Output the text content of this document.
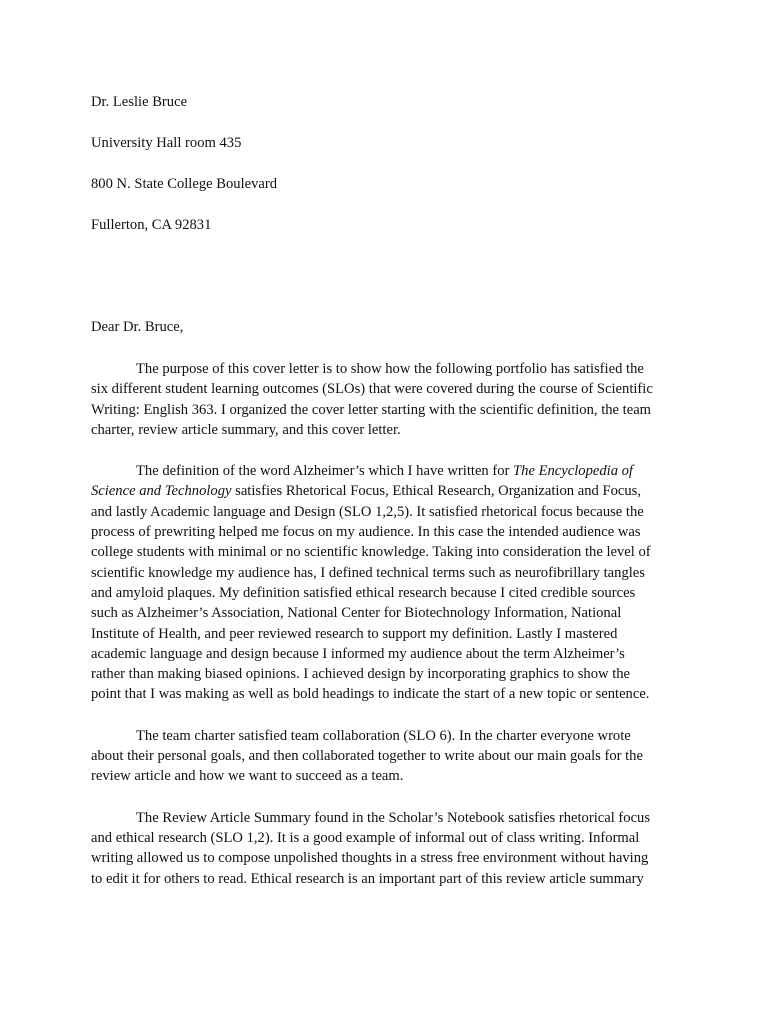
Dr. Leslie Bruce
University Hall room 435
800 N. State College Boulevard
Fullerton, CA 92831
Dear Dr. Bruce,

The purpose of this cover letter is to show how the following portfolio has satisfied the
six different student learning outcomes (SLOs) that were covered during the course of Scientific
Writing: English 363. I organized the cover letter starting with the scientific definition, the team
charter, review article summary, and this cover letter.

The definition of the word Alzheimer’s which I have written for The Encyclopedia of
Science and Technology satisfies Rhetorical Focus, Ethical Research, Organization and Focus,
and lastly Academic language and Design (SLO 1,2,5). It satisfied rhetorical focus because the
process of prewriting helped me focus on my audience. In this case the intended audience was
college students with minimal or no scientific knowledge. Taking into consideration the level of
scientific knowledge my audience has, I defined technical terms such as neurofibrillary tangles
and amyloid plaques. My definition satisfied ethical research because I cited credible sources
such as Alzheimer’s Association, National Center for Biotechnology Information, National
Institute of Health, and peer reviewed research to support my definition. Lastly I mastered
academic language and design because I informed my audience about the term Alzheimer’s
rather than making biased opinions. I achieved design by incorporating graphics to show the
point that I was making as well as bold headings to indicate the start of a new topic or sentence.

The team charter satisfied team collaboration (SLO 6). In the charter everyone wrote
about their personal goals, and then collaborated together to write about our main goals for the
review article and how we want to succeed as a team.

The Review Article Summary found in the Scholar’s Notebook satisfies rhetorical focus
and ethical research (SLO 1,2). It is a good example of informal out of class writing. Informal
writing allowed us to compose unpolished thoughts in a stress free environment without having
to edit it for others to read. Ethical research is an important part of this review article summary
